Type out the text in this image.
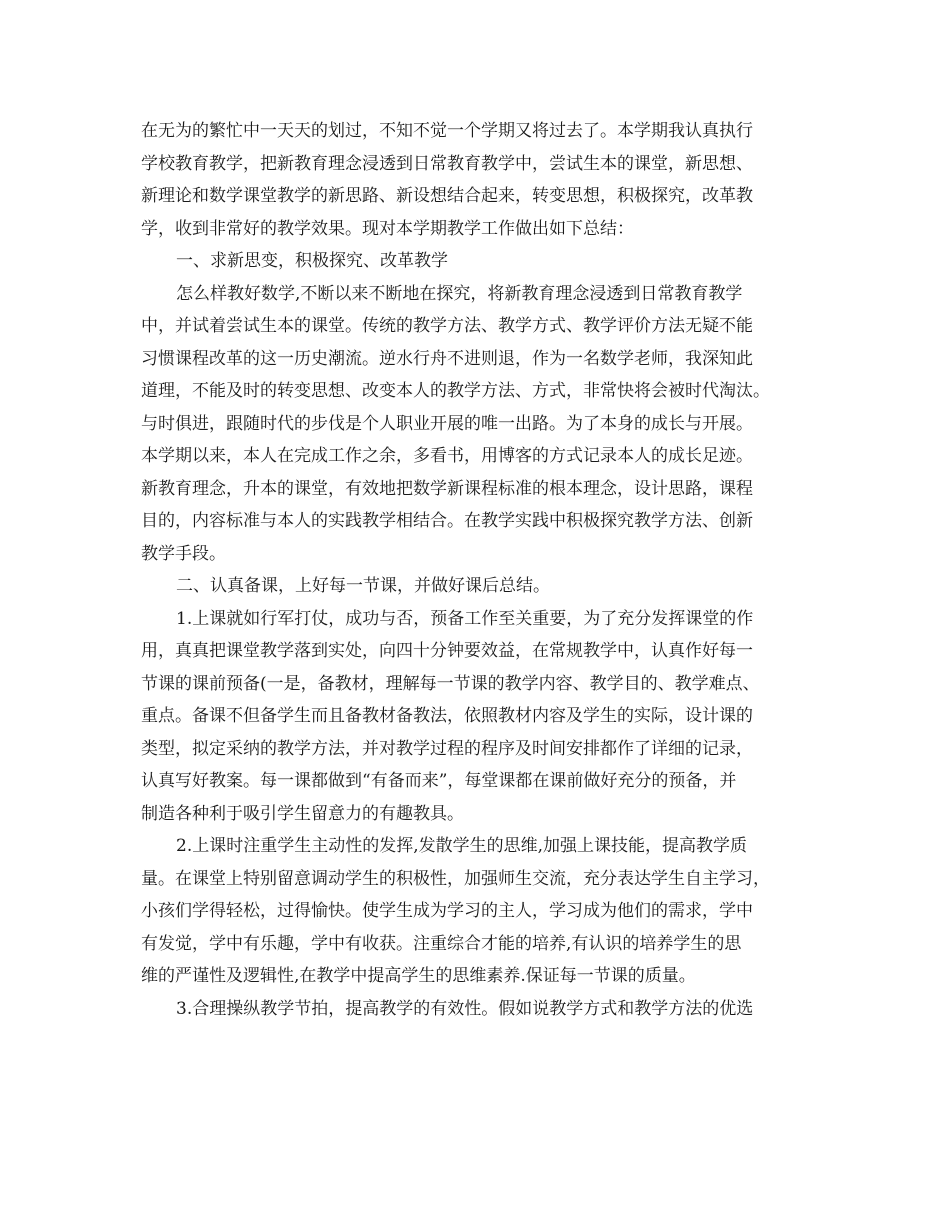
在无为的繁忙中一天天的划过，不知不觉一个学期又将过去了。本学期我认真执行
学校教育教学，把新教育理念浸透到日常教育教学中，尝试生本的课堂，新思想、
新理论和数学课堂教学的新思路、新设想结合起来，转变思想，积极探究，改革教
学，收到非常好的教学效果。现对本学期教学工作做出如下总结：
一、求新思变，积极探究、改革教学
怎么样教好数学,不断以来不断地在探究，将新教育理念浸透到日常教育教学
中，并试着尝试生本的课堂。传统的教学方法、教学方式、教学评价方法无疑不能
习惯课程改革的这一历史潮流。逆水行舟不进则退，作为一名数学老师，我深知此
道理，不能及时的转变思想、改变本人的教学方法、方式，非常快将会被时代淘汰。
与时俱进，跟随时代的步伐是个人职业开展的唯一出路。为了本身的成长与开展。
本学期以来，本人在完成工作之余，多看书，用博客的方式记录本人的成长足迹。
新教育理念，升本的课堂，有效地把数学新课程标准的根本理念，设计思路，课程
目的，内容标准与本人的实践教学相结合。在教学实践中积极探究教学方法、创新
教学手段。
二、认真备课，上好每一节课，并做好课后总结。
1.上课就如行军打仗，成功与否，预备工作至关重要，为了充分发挥课堂的作
用，真真把课堂教学落到实处，向四十分钟要效益，在常规教学中，认真作好每一
节课的课前预备(一是，备教材，理解每一节课的教学内容、教学目的、教学难点、
重点。备课不但备学生而且备教材备教法，依照教材内容及学生的实际，设计课的
类型，拟定采纳的教学方法，并对教学过程的程序及时间安排都作了详细的记录，
认真写好教案。每一课都做到“有备而来”，每堂课都在课前做好充分的预备，并
制造各种利于吸引学生留意力的有趣教具。
2.上课时注重学生主动性的发挥,发散学生的思维,加强上课技能，提高教学质
量。在课堂上特别留意调动学生的积极性，加强师生交流，充分表达学生自主学习，
小孩们学得轻松，过得愉快。使学生成为学习的主人，学习成为他们的需求，学中
有发觉，学中有乐趣，学中有收获。注重综合才能的培养,有认识的培养学生的思
维的严谨性及逻辑性,在教学中提高学生的思维素养.保证每一节课的质量。
3.合理操纵教学节拍，提高教学的有效性。假如说教学方式和教学方法的优选
